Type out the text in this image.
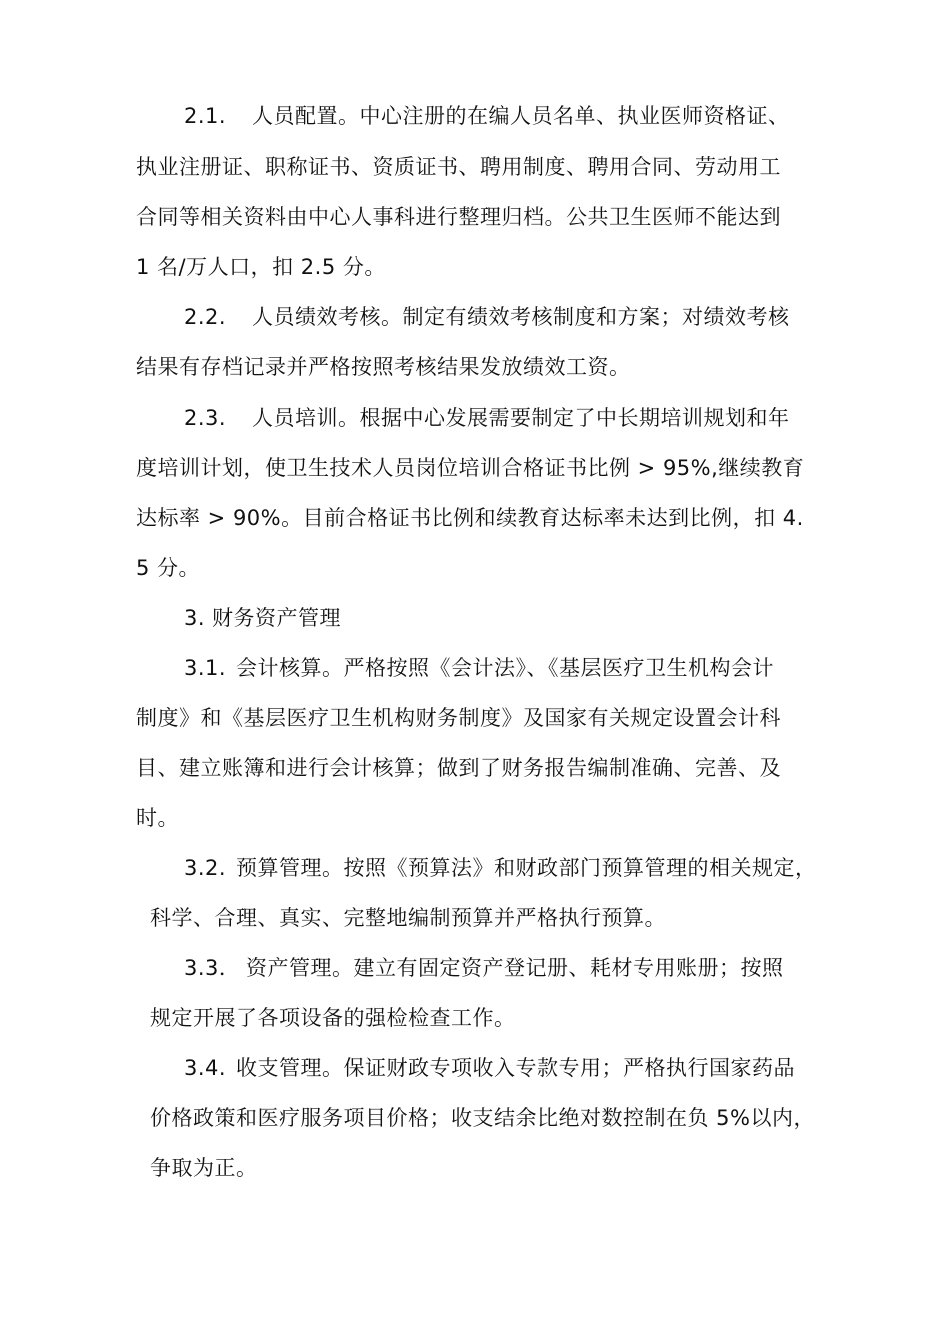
2.1. 人员配置。中心注册的在编人员名单、执业医师资格证、
执业注册证、职称证书、资质证书、聘用制度、聘用合同、劳动用工
合同等相关资料由中心人事科进行整理归档。公共卫生医师不能达到
1 名/万人口，扣 2.5 分。
2.2. 人员绩效考核。制定有绩效考核制度和方案；对绩效考核
结果有存档记录并严格按照考核结果发放绩效工资。
2.3. 人员培训。根据中心发展需要制定了中长期培训规划和年
度培训计划，使卫生技术人员岗位培训合格证书比例 > 95%,继续教育
达标率 > 90%。目前合格证书比例和续教育达标率未达到比例，扣 4.
5 分。
3. 财务资产管理
3.1. 会计核算。严格按照《会计法》、《基层医疗卫生机构会计
制度》和《基层医疗卫生机构财务制度》及国家有关规定设置会计科
目、建立账簿和进行会计核算；做到了财务报告编制准确、完善、及
时。
3.2. 预算管理。按照《预算法》和财政部门预算管理的相关规定，
科学、合理、真实、完整地编制预算并严格执行预算。
3.3． 资产管理。建立有固定资产登记册、耗材专用账册；按照
规定开展了各项设备的强检检查工作。
3.4. 收支管理。保证财政专项收入专款专用；严格执行国家药品
价格政策和医疗服务项目价格；收支结余比绝对数控制在负 5%以内，
争取为正。
